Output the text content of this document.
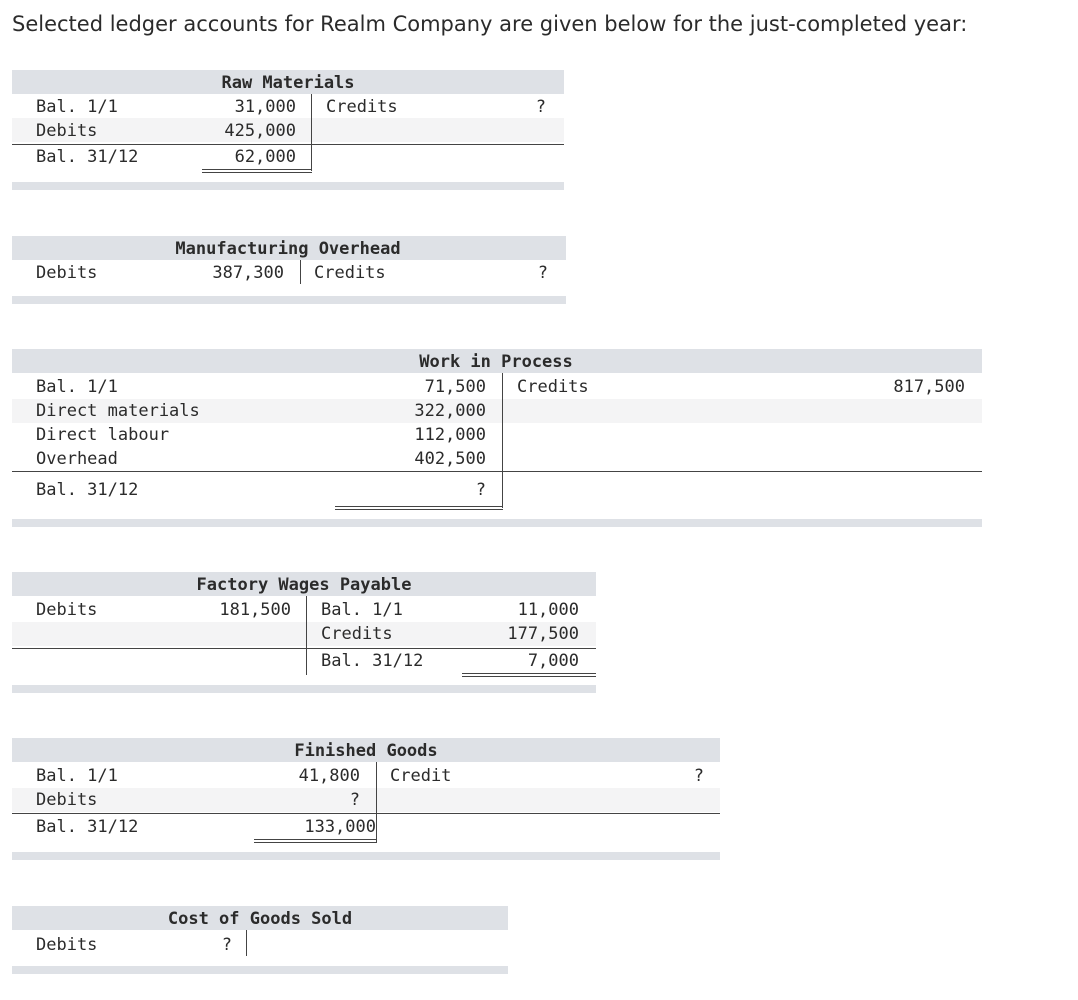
Selected ledger accounts for Realm Company are given below for the just-completed year:
Raw Materials
Bal. 1/1	31,000
Debits	425,000
Bal. 31/12	62,000
Credits	?
Manufacturing Overhead
Debits	387,300 Credits	?
Work in Process
Bal. 1/1	71,500
Direct materials	322,000
Direct labour	112,000
Overhead	402,500
Bal. 31/12	?
Credits	817,500
Factory Wages Payable
Debits	181,500 Bal. 1/1	11,000
Credits	177,500
Bal. 31/12	7,000
Finished Goods
Bal. 1/1	41,800
Debits	?
Bal. 31/12	133,000
Credit	?
Cost of Goods Sold
Debits	?
